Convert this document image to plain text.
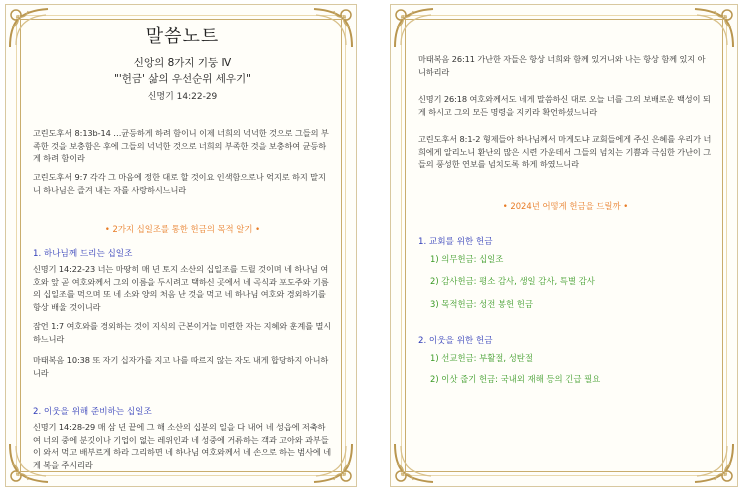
말씀노트
신앙의 8가지 기둥 Ⅳ
"'헌금' 삶의 우선순위 세우기"
신명기 14:22-29

고린도후서 8:13b-14 …균등하게 하려 함이니 이제 너희의 넉넉한 것으로 그들의 부족한 것을 보충함은 후에 그들의 넉넉한 것으로 너희의 부족한 것을 보충하여 균등하게 하려 함이라

고린도후서 9:7 각각 그 마음에 정한 대로 할 것이요 인색함으로나 억지로 하지 말지니 하나님은 즐겨 내는 자를 사랑하시느니라

• 2가지 십일조를 통한 헌금의 목적 알기 •
1. 하나님께 드리는 십일조

신명기 14:22-23 너는 마땅히 매 년 토지 소산의 십일조를 드릴 것이며 네 하나님 여호와 앞 곧 여호와께서 그의 이름을 두시려고 택하신 곳에서 네 곡식과 포도주와 기름의 십일조를 먹으며 또 네 소와 양의 처음 난 것을 먹고 네 하나님 여호와 경외하기를 항상 배울 것이니라

잠언 1:7 여호와를 경외하는 것이 지식의 근본이거늘 미련한 자는 지혜와 훈계를 멸시하느니라

마태복음 10:38 또 자기 십자가를 지고 나를 따르지 않는 자도 내게 합당하지 아니하니라

2. 이웃을 위해 준비하는 십일조

신명기 14:28-29 매 삼 년 끝에 그 해 소산의 십분의 일을 다 내어 네 성읍에 저축하여 너의 중에 분깃이나 기업이 없는 레위인과 네 성중에 거류하는 객과 고아와 과부들이 와서 먹고 배부르게 하라 그리하면 네 하나님 여호와께서 네 손으로 하는 범사에 네게 복을 주시리라

마태복음 26:11 가난한 자들은 항상 너희와 함께 있거니와 나는 항상 함께 있지 아니하리라

신명기 26:18 여호와께서도 네게 말씀하신 대로 오늘 너를 그의 보배로운 백성이 되게 하시고 그의 모든 명령을 지키라 확언하셨느니라

고린도후서 8:1-2 형제들아 하나님께서 마게도냐 교회들에게 주신 은혜를 우리가 너희에게 알리노니 환난의 많은 시련 가운데서 그들의 넘치는 기쁨과 극심한 가난이 그들의 풍성한 연보를 넘치도록 하게 하였느니라

• 2024년 어떻게 헌금을 드릴까 •
1. 교회를 위한 헌금
1) 의무헌금: 십일조
2) 감사헌금: 평소 감사, 생일 감사, 특별 감사
3) 목적헌금: 성전 봉헌 헌금
2. 이웃을 위한 헌금
1) 선교헌금: 부활절, 성탄절
2) 이삿 줍기 헌금: 국내외 재해 등의 긴급 필요
